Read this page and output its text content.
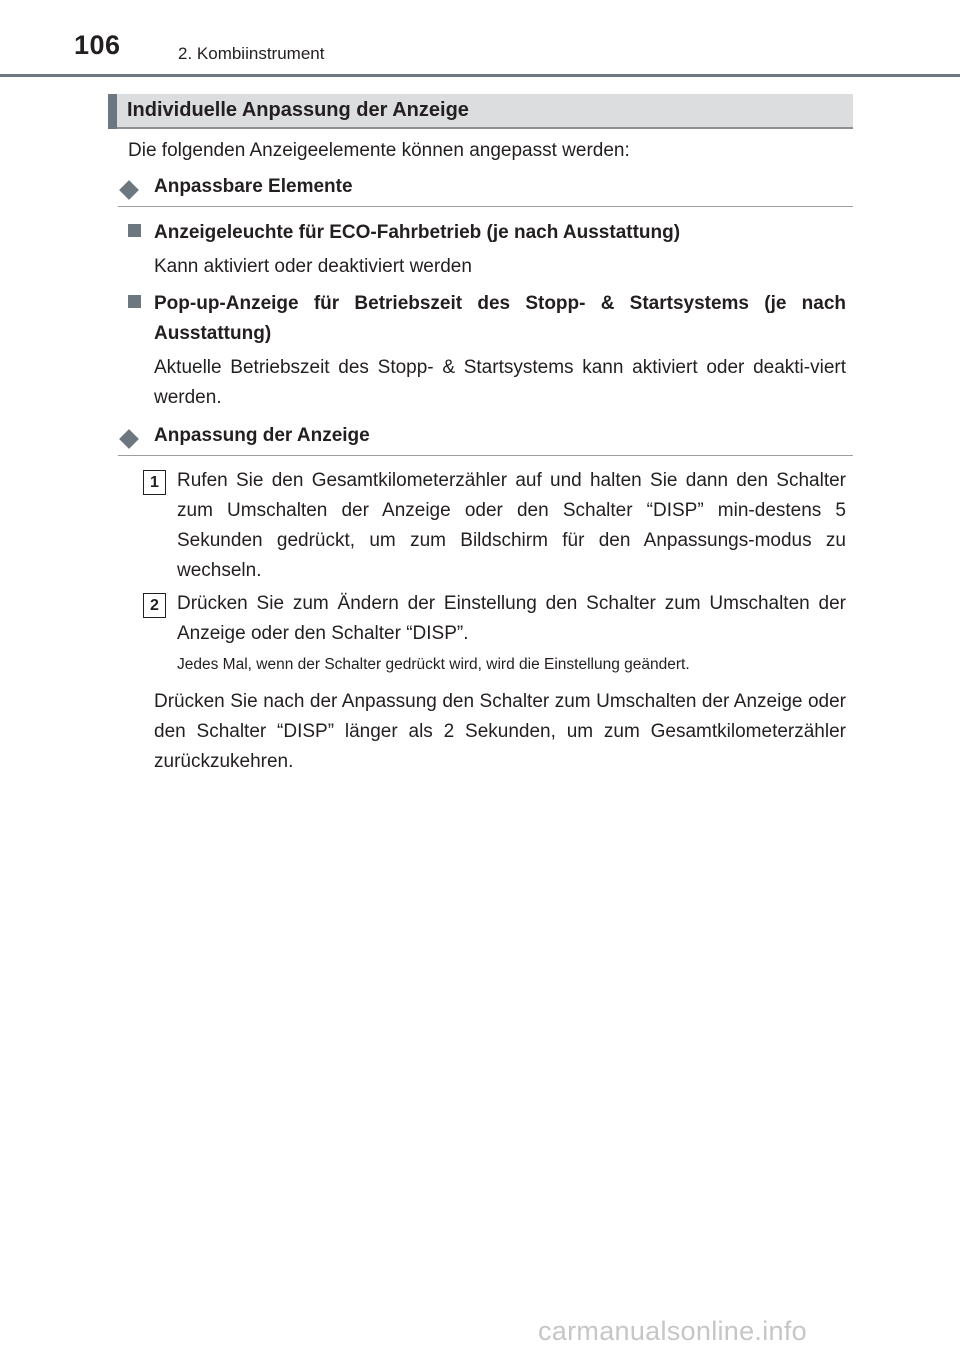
106	2. Kombiinstrument
Individuelle Anpassung der Anzeige
Die folgenden Anzeigeelemente können angepasst werden:
Anpassbare Elemente
Anzeigeleuchte für ECO-Fahrbetrieb (je nach Ausstattung)
Kann aktiviert oder deaktiviert werden
Pop-up-Anzeige für Betriebszeit des Stopp- & Startsystems (je nach Ausstattung)
Aktuelle Betriebszeit des Stopp- & Startsystems kann aktiviert oder deakti-viert werden.
Anpassung der Anzeige
1 Rufen Sie den Gesamtkilometerzähler auf und halten Sie dann den Schalter zum Umschalten der Anzeige oder den Schalter “DISP” min-destens 5 Sekunden gedrückt, um zum Bildschirm für den Anpassungs-modus zu wechseln.
2 Drücken Sie zum Ändern der Einstellung den Schalter zum Umschalten der Anzeige oder den Schalter “DISP”.
Jedes Mal, wenn der Schalter gedrückt wird, wird die Einstellung geändert.
Drücken Sie nach der Anpassung den Schalter zum Umschalten der Anzeige oder den Schalter “DISP” länger als 2 Sekunden, um zum Gesamtkilometerzähler zurückzukehren.
carmanualsonline.info
